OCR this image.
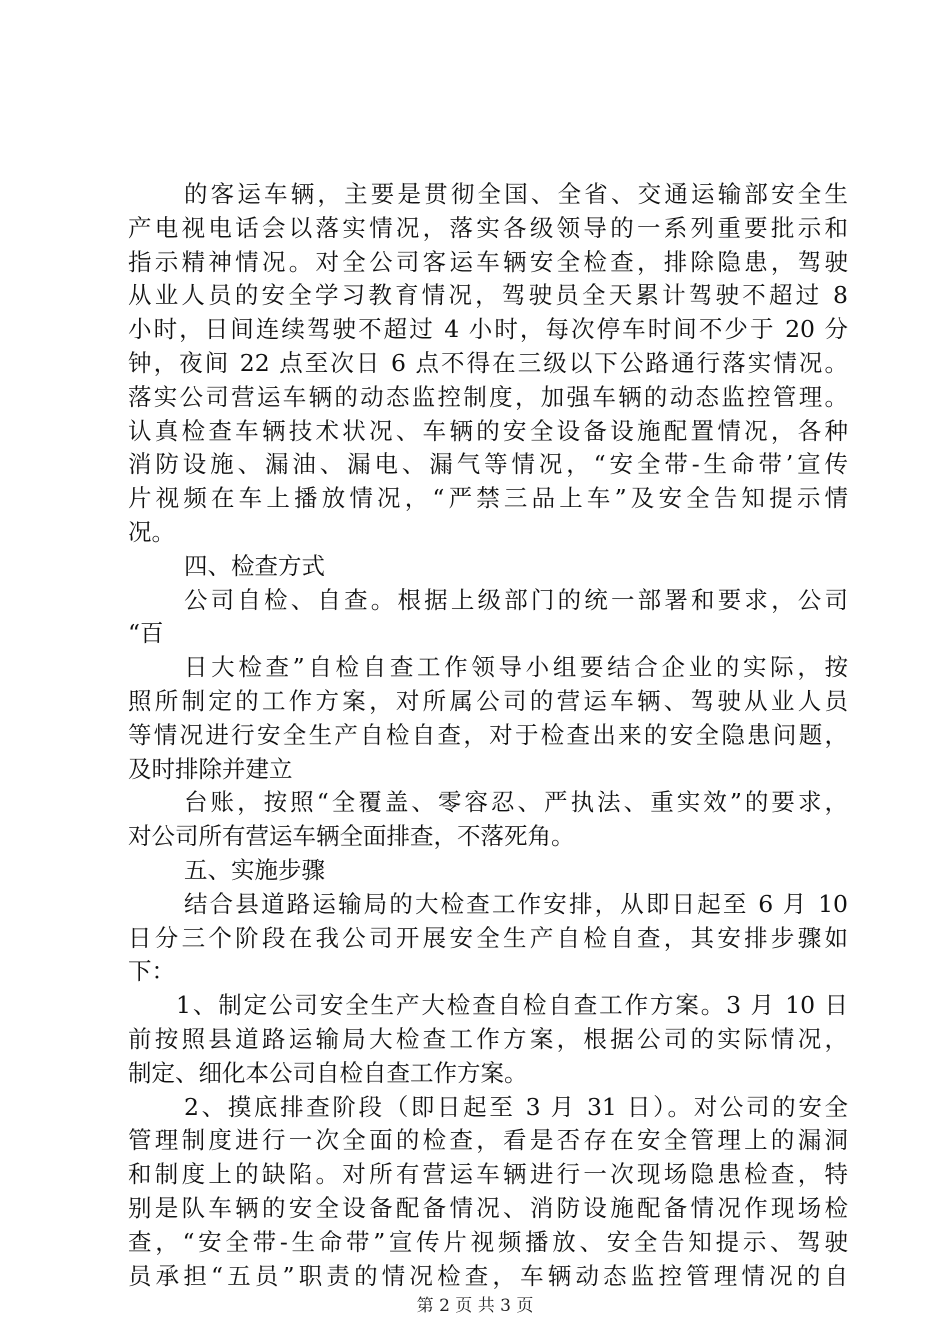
的客运车辆，主要是贯彻全国、全省、交通运输部安全生
产电视电话会以落实情况，落实各级领导的一系列重要批示和
指示精神情况。对全公司客运车辆安全检查，排除隐患，驾驶
从业人员的安全学习教育情况，驾驶员全天累计驾驶不超过 8
小时，日间连续驾驶不超过 4 小时，每次停车时间不少于 20 分
钟，夜间 22 点至次日 6 点不得在三级以下公路通行落实情况。
落实公司营运车辆的动态监控制度，加强车辆的动态监控管理。
认真检查车辆技术状况、车辆的安全设备设施配置情况，各种
消防设施、漏油、漏电、漏气等情况，“安全带-生命带’宣传
片视频在车上播放情况，“严禁三品上车”及安全告知提示情
况。
四、检查方式
公司自检、自查。根据上级部门的统一部署和要求，公司
“百
日大检查”自检自查工作领导小组要结合企业的实际，按
照所制定的工作方案，对所属公司的营运车辆、驾驶从业人员
等情况进行安全生产自检自查，对于检查出来的安全隐患问题，
及时排除并建立
台账，按照“全覆盖、零容忍、严执法、重实效”的要求，
对公司所有营运车辆全面排查，不落死角。
五、实施步骤
结合县道路运输局的大检查工作安排，从即日起至 6 月 10
日分三个阶段在我公司开展安全生产自检自查，其安排步骤如
下：
1、制定公司安全生产大检查自检自查工作方案。3 月 10 日
前按照县道路运输局大检查工作方案，根据公司的实际情况，
制定、细化本公司自检自查工作方案。
2、摸底排查阶段（即日起至 3 月 31 日）。对公司的安全
管理制度进行一次全面的检查，看是否存在安全管理上的漏洞
和制度上的缺陷。对所有营运车辆进行一次现场隐患检查，特
别是队车辆的安全设备配备情况、消防设施配备情况作现场检
查，“安全带-生命带”宣传片视频播放、安全告知提示、驾驶
员承担“五员”职责的情况检查，车辆动态监控管理情况的自
第 2 页 共 3 页
